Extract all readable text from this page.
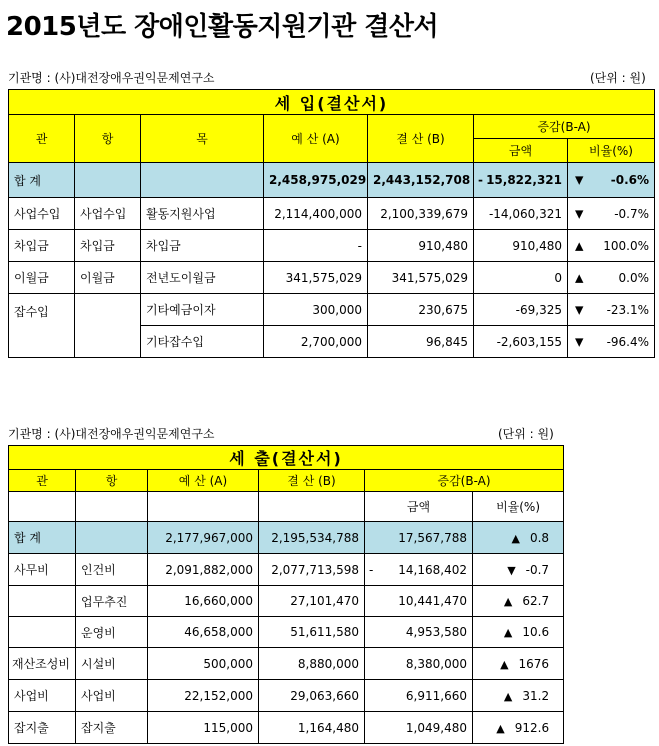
2015년도 장애인활동지원기관 결산서
기관명 : (사)대전장애우권익문제연구소	(단위 : 원)
세 입(결산서)						
관	항	목	예 산 (A)	결 산 (B)	증감(B-A)	
					금액	비율(%)
합 계			2,458,975,029	2,443,152,708	- 15,822,321	▼ -0.6%

사업수입	사업수입	활동지원사업	2,114,400,000	2,100,339,679	-14,060,321	▼ -0.7%

차입금	차입금	차입금	-	910,480	910,480	▲ 100.0%

이월금	이월금	전년도이월금	341,575,029	341,575,029	0	▲ 0.0%

잡수입		기타예금이자	300,000	230,675	-69,325	▼ -23.1%

		기타잡수입	2,700,000	96,845	-2,603,155	▼ -96.4%
기관명 : (사)대전장애우권익문제연구소	(단위 : 원)
세 출(결산서)					
관	항	예 산 (A)	결 산 (B)	증감(B-A)	
				금액	비율(%)
합 계		2,177,967,000	2,195,534,788	17,567,788	▲ 0.8
사무비	인건비	2,091,882,000	2,077,713,598	- 14,168,402	▼ -0.7
	업무추진	16,660,000	27,101,470	10,441,470	▲ 62.7
	운영비	46,658,000	51,611,580	4,953,580	▲ 10.6
재산조성비	시설비	500,000	8,880,000	8,380,000	▲ 1676
사업비	사업비	22,152,000	29,063,660	6,911,660	▲ 31.2
잡지출	잡지출	115,000	1,164,480	1,049,480	▲ 912.6
